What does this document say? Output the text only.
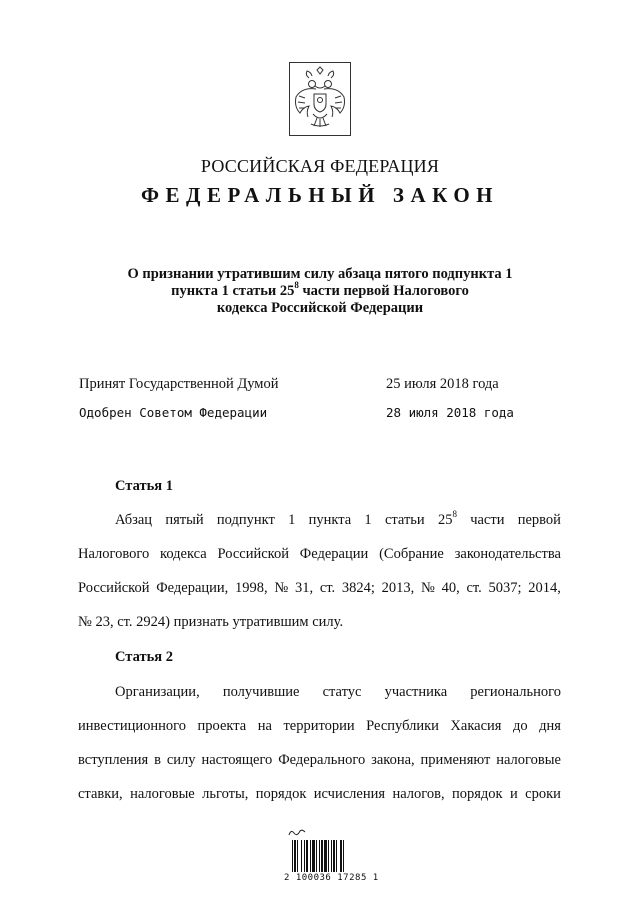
РОССИЙСКАЯ ФЕДЕРАЦИЯ
ФЕДЕРАЛЬНЫЙ ЗАКОН
О признании утратившим силу абзаца пятого подпункта 1
пункта 1 статьи $25^8$ части первой Налогового
кодекса Российской Федерации
Принят Государственной Думой	25 июля 2018 года
Одобрен Советом Федерации	28 июля 2018 года
Статья 1
Абзац пятый подпункт 1 пункта 1 статьи $25^8$ части первой
Налогового кодекса Российской Федерации (Собрание законодательства
Российской Федерации, 1998, № 31, ст. 3824; 2013, № 40, ст. 5037; 2014,
№ 23, ст. 2924) признать утратившим силу.
Статья 2
Организации, получившие статус участника регионального
инвестиционного проекта на территории Республики Хакасия до дня
вступления в силу настоящего Федерального закона, применяют налоговые
ставки, налоговые льготы, порядок исчисления налогов, порядок и сроки
2 100036 17285 1
